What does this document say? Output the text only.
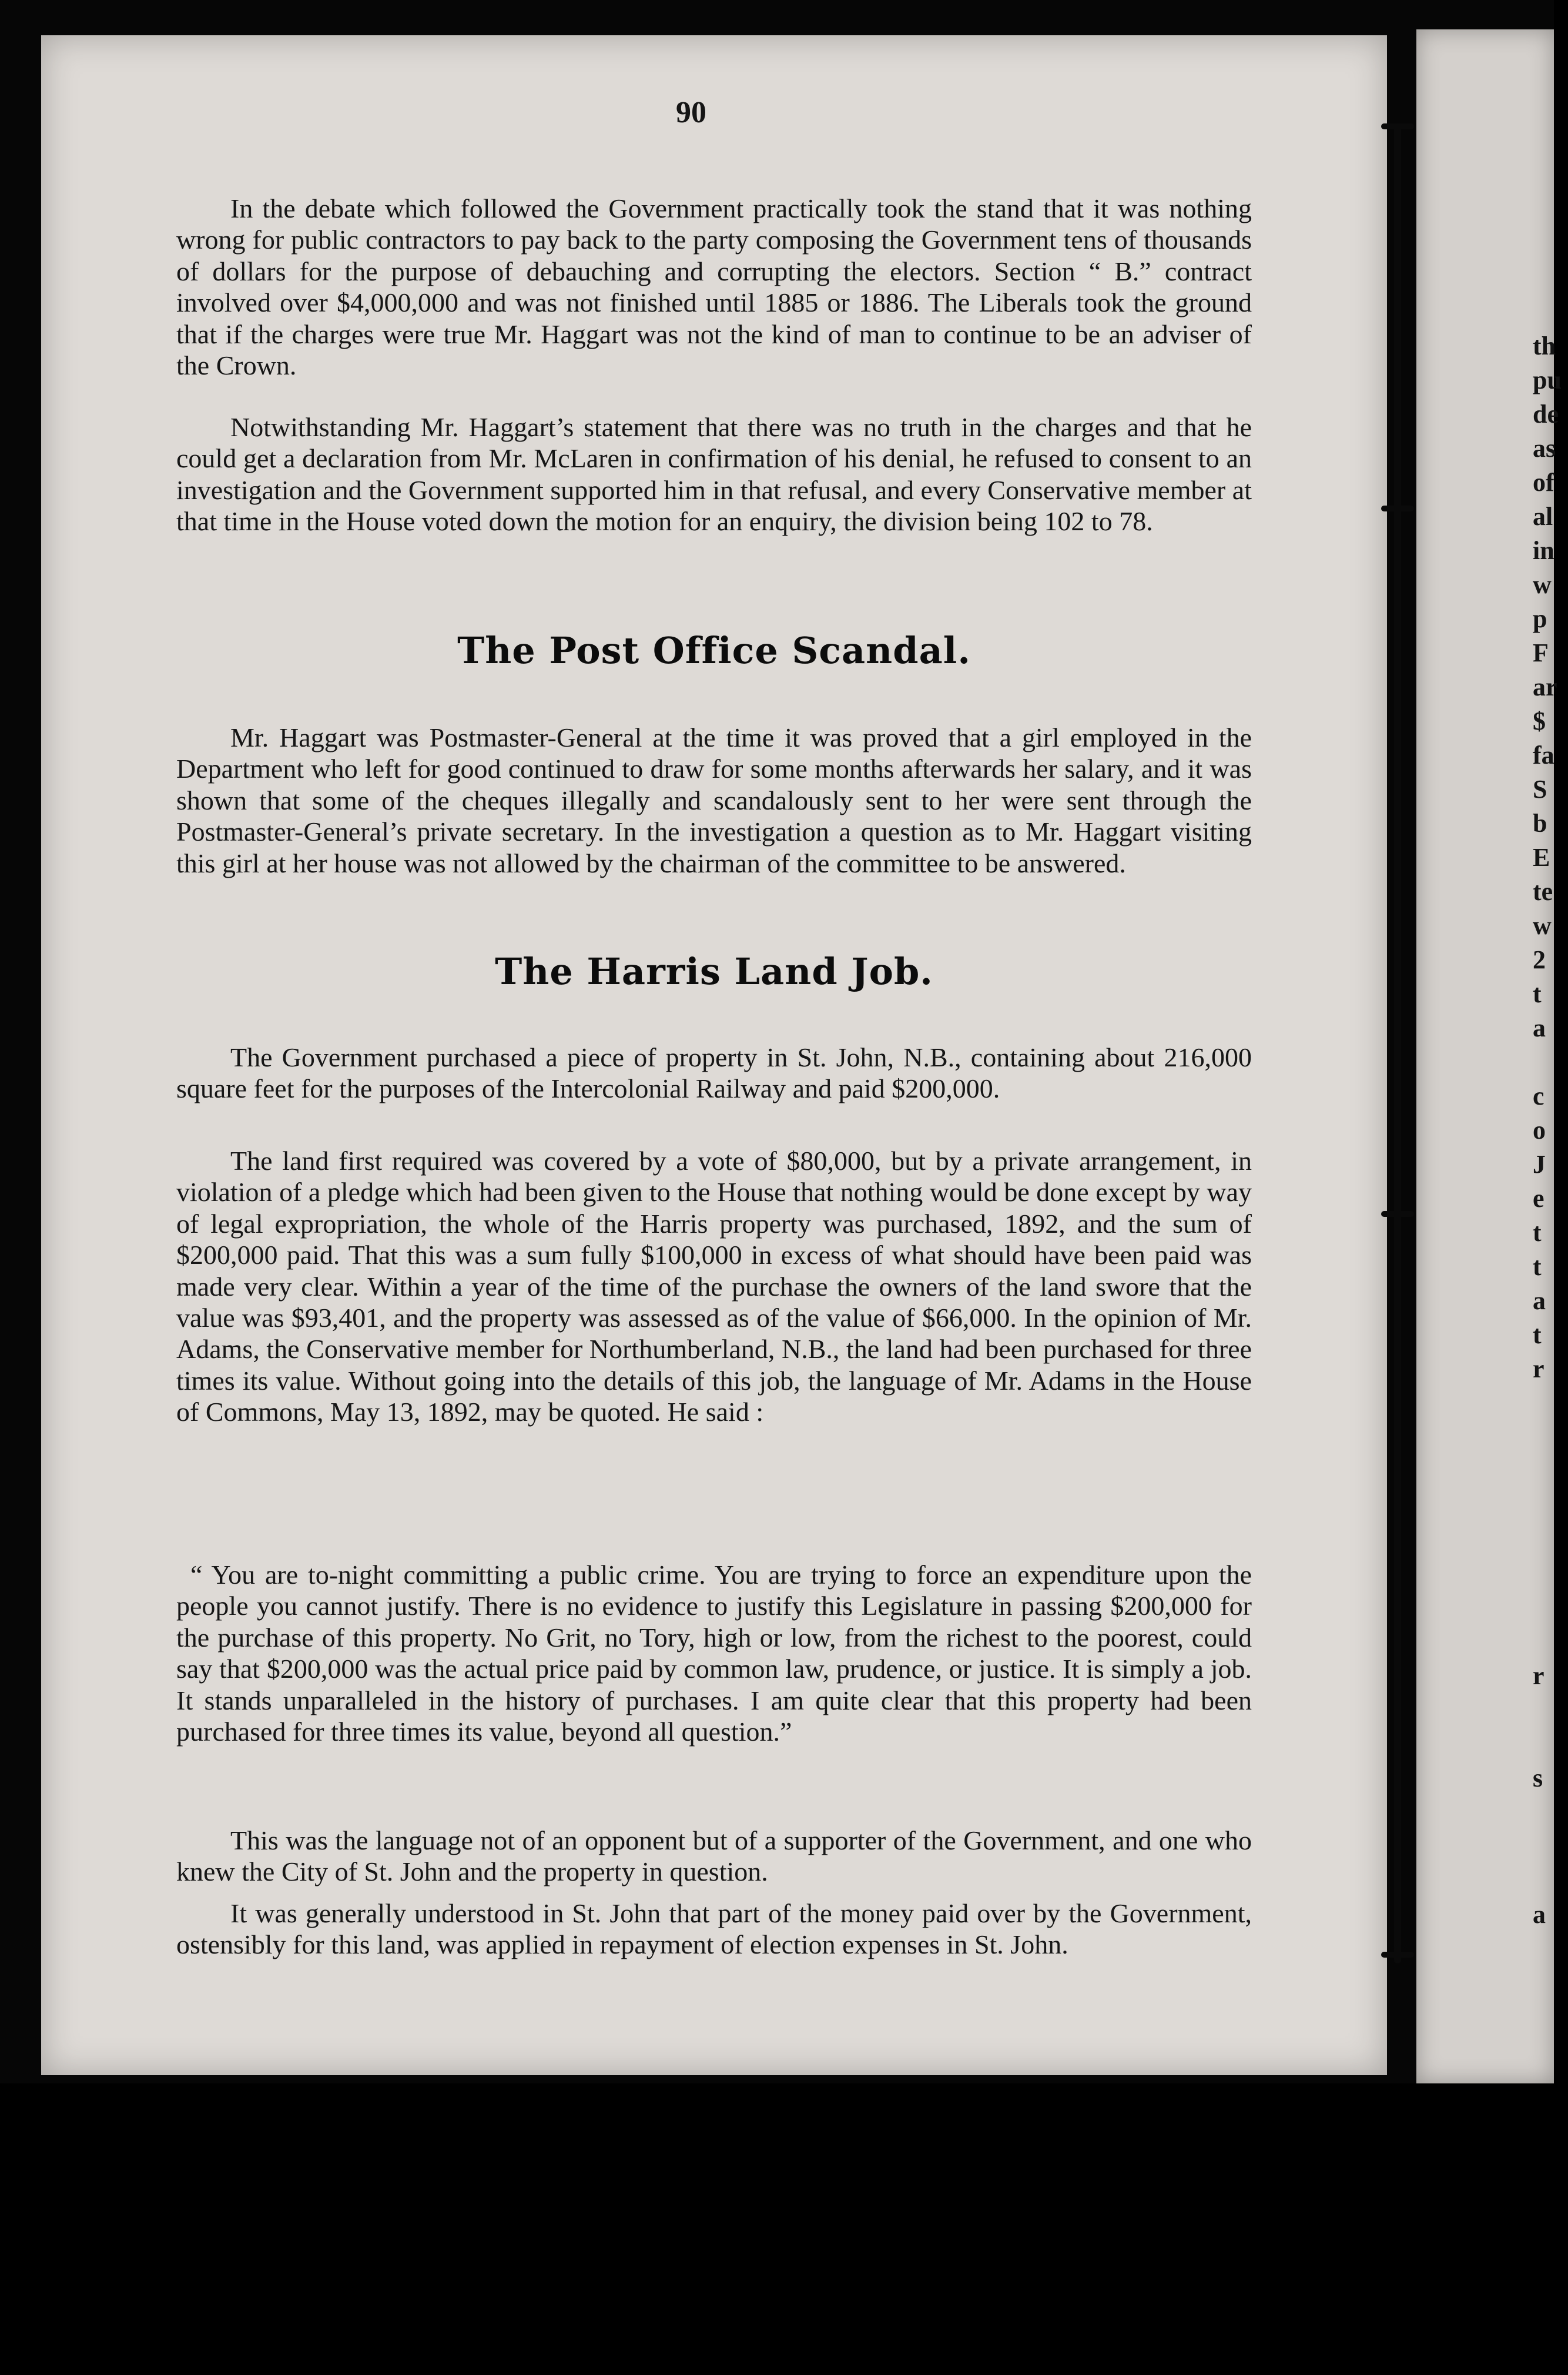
th
pu
de
as
of
al
in
w
p
F
ar
$
fa
S
b
E
te
w
2
t
a

c
o
J
e
t
t
a
t
r

r

s

a

90

In the debate which followed the Government practically took the stand that it was nothing wrong for public contractors to pay back to the party composing the Government tens of thousands of dollars for the purpose of debauching and corrupting the electors. Section “ B.” contract involved over $4,000,000 and was not finished until 1885 or 1886. The Liberals took the ground that if the charges were true Mr. Haggart was not the kind of man to continue to be an adviser of the Crown.

Notwithstanding Mr. Haggart’s statement that there was no truth in the charges and that he could get a declaration from Mr. McLaren in confirmation of his denial, he refused to consent to an investigation and the Government supported him in that refusal, and every Conservative member at that time in the House voted down the motion for an enquiry, the division being 102 to 78.

The Post Office Scandal.

Mr. Haggart was Postmaster-General at the time it was proved that a girl employed in the Department who left for good continued to draw for some months afterwards her salary, and it was shown that some of the cheques illegally and scandalously sent to her were sent through the Postmaster-General’s private secretary. In the investigation a question as to Mr. Haggart visiting this girl at her house was not allowed by the chairman of the committee to be answered.

The Harris Land Job.

The Government purchased a piece of property in St. John, N.B., containing about 216,000 square feet for the purposes of the Intercolonial Railway and paid $200,000.

The land first required was covered by a vote of $80,000, but by a private arrangement, in violation of a pledge which had been given to the House that nothing would be done except by way of legal expropriation, the whole of the Harris property was purchased, 1892, and the sum of $200,000 paid. That this was a sum fully $100,000 in excess of what should have been paid was made very clear. Within a year of the time of the purchase the owners of the land swore that the value was $93,401, and the property was assessed as of the value of $66,000. In the opinion of Mr. Adams, the Conservative member for Northumberland, N.B., the land had been purchased for three times its value. Without going into the details of this job, the language of Mr. Adams in the House of Commons, May 13, 1892, may be quoted. He said :

“ You are to-night committing a public crime. You are trying to force an expenditure upon the people you cannot justify. There is no evidence to justify this Legislature in passing $200,000 for the purchase of this property. No Grit, no Tory, high or low, from the richest to the poorest, could say that $200,000 was the actual price paid by common law, prudence, or justice. It is simply a job. It stands unparalleled in the history of purchases. I am quite clear that this property had been purchased for three times its value, beyond all question.”

This was the language not of an opponent but of a supporter of the Government, and one who knew the City of St. John and the property in question.

It was generally understood in St. John that part of the money paid over by the Government, ostensibly for this land, was applied in repayment of election expenses in St. John.
